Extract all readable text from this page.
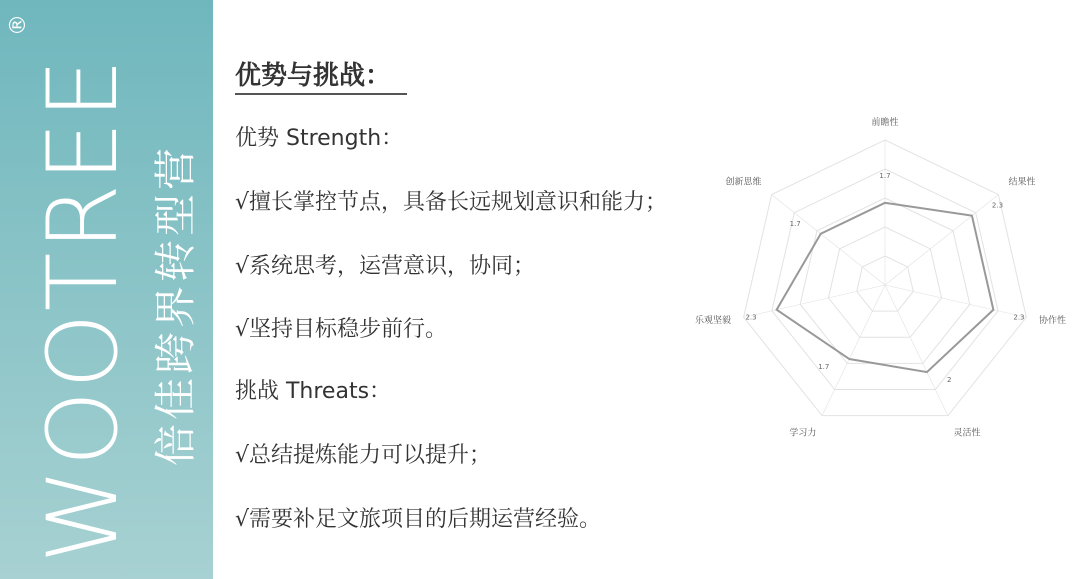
®
WOOTREE 倍佳跨界转型营
优势与挑战：
优势 Strength：
√擅长掌控节点，具备长远规划意识和能力；
√系统思考，运营意识，协同；
√坚持目标稳步前行。
挑战 Threats：
√总结提炼能力可以提升；
√需要补足文旅项目的后期运营经验。
前瞻性
结果性
协作性
灵活性
学习力
乐观坚毅
创新思维
1.7
2.3
2.3
2
1.7
2.3
1.7
